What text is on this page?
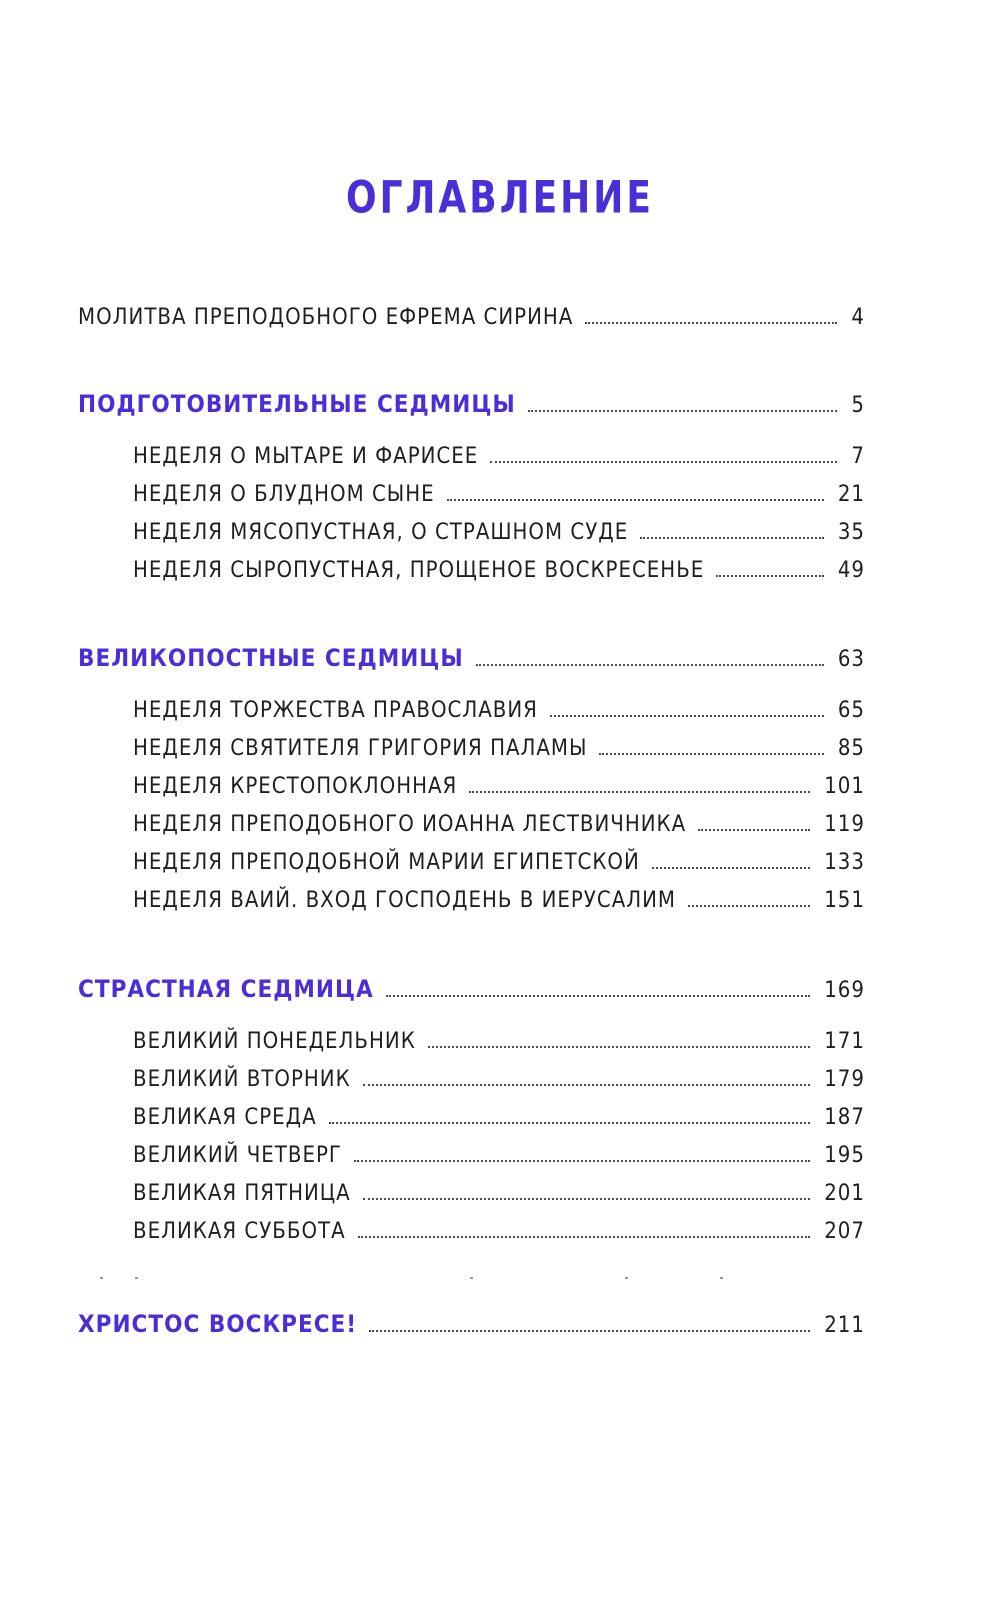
ОГЛАВЛЕНИЕ
МОЛИТВА ПРЕПОДОБНОГО ЕФРЕМА СИРИНА	4
ПОДГОТОВИТЕЛЬНЫЕ СЕДМИЦЫ	5
НЕДЕЛЯ О МЫТАРЕ И ФАРИСЕЕ	7
НЕДЕЛЯ О БЛУДНОМ СЫНЕ	21
НЕДЕЛЯ МЯСОПУСТНАЯ, О СТРАШНОМ СУДЕ	35
НЕДЕЛЯ СЫРОПУСТНАЯ, ПРОЩЕНОЕ ВОСКРЕСЕНЬЕ	49
ВЕЛИКОПОСТНЫЕ СЕДМИЦЫ	63
НЕДЕЛЯ ТОРЖЕСТВА ПРАВОСЛАВИЯ	65
НЕДЕЛЯ СВЯТИТЕЛЯ ГРИГОРИЯ ПАЛАМЫ	85
НЕДЕЛЯ КРЕСТОПОКЛОННАЯ	101
НЕДЕЛЯ ПРЕПОДОБНОГО ИОАННА ЛЕСТВИЧНИКА	119
НЕДЕЛЯ ПРЕПОДОБНОЙ МАРИИ ЕГИПЕТСКОЙ	133
НЕДЕЛЯ ВАИЙ. ВХОД ГОСПОДЕНЬ В ИЕРУСАЛИМ	151
СТРАСТНАЯ СЕДМИЦА	169
ВЕЛИКИЙ ПОНЕДЕЛЬНИК	171
ВЕЛИКИЙ ВТОРНИК	179
ВЕЛИКАЯ СРЕДА	187
ВЕЛИКИЙ ЧЕТВЕРГ	195
ВЕЛИКАЯ ПЯТНИЦА	201
ВЕЛИКАЯ СУББОТА	207
ХРИСТОС ВОСКРЕСЕ!	211
